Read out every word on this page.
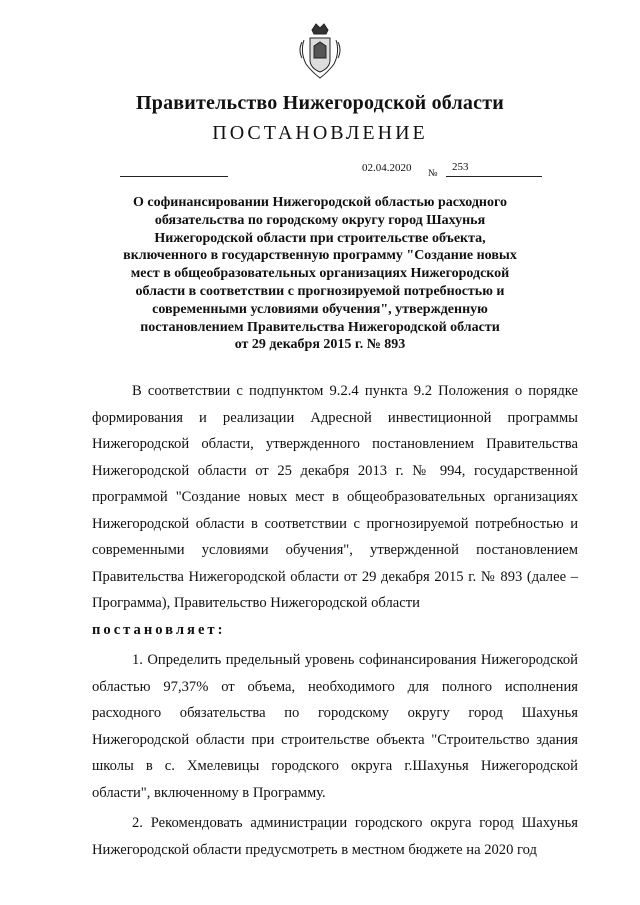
Правительство Нижегородской области
ПОСТАНОВЛЕНИЕ
02.04.2020 №
253
О софинансировании Нижегородской областью расходного
обязательства по городскому округу город Шахунья
Нижегородской области при строительстве объекта,
включенного в государственную программу "Создание новых
мест в общеобразовательных организациях Нижегородской
области в соответствии с прогнозируемой потребностью и
современными условиями обучения", утвержденную
постановлением Правительства Нижегородской области
от 29 декабря 2015 г. № 893

В соответствии с подпунктом 9.2.4 пункта 9.2 Положения о порядке формирования и реализации Адресной инвестиционной программы Нижегородской области, утвержденного постановлением Правительства Нижегородской области от 25 декабря 2013 г. № 994, государственной программой "Создание новых мест в общеобразовательных организациях Нижегородской области в соответствии с прогнозируемой потребностью и современными условиями обучения", утвержденной постановлением Правительства Нижегородской области от 29 декабря 2015 г. № 893 (далее – Программа), Правительство Нижегородской области

постановляет:

1. Определить предельный уровень софинансирования Нижегородской областью 97,37% от объема, необходимого для полного исполнения расходного обязательства по городскому округу город Шахунья Нижегородской области при строительстве объекта "Строительство здания школы в с. Хмелевицы городского округа г.Шахунья Нижегородской области", включенному в Программу.

2. Рекомендовать администрации городского округа город Шахунья Нижегородской области предусмотреть в местном бюджете на 2020 год
